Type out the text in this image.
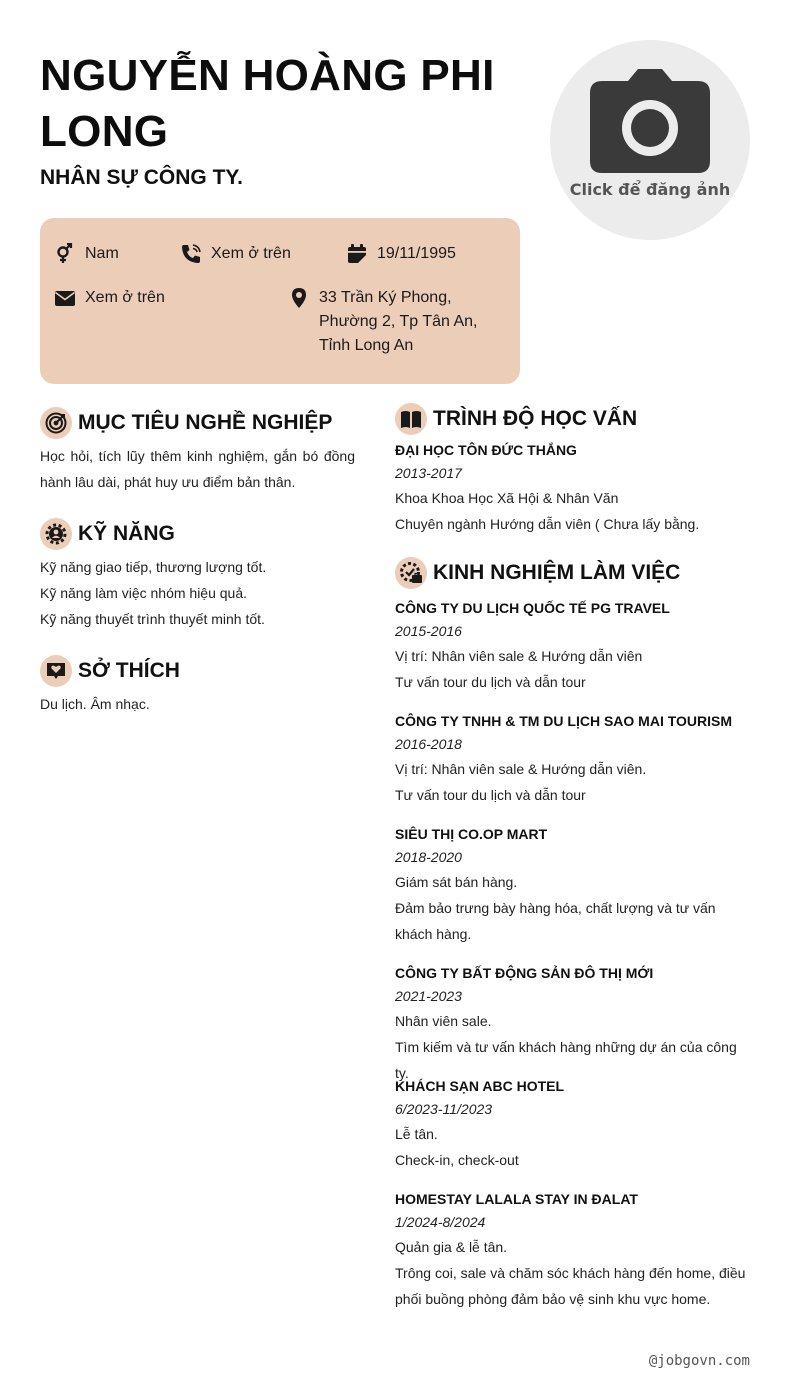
NGUYỄN HOÀNG PHI LONG
NHÂN SỰ CÔNG TY.
Click để đăng ảnh
Nam	Xem ở trên	19/11/1995
Xem ở trên	33 Trần Ký Phong, Phường 2, Tp Tân An, Tỉnh Long An
MỤC TIÊU NGHỀ NGHIỆP

Học hỏi, tích lũy thêm kinh nghiệm, gắn bó đồng hành lâu dài, phát huy ưu điểm bản thân.

KỸ NĂNG
Kỹ năng giao tiếp, thương lượng tốt.
Kỹ năng làm việc nhóm hiệu quả.
Kỹ năng thuyết trình thuyết minh tốt.
SỞ THÍCH

Du lịch. Âm nhạc.

TRÌNH ĐỘ HỌC VẤN
ĐẠI HỌC TÔN ĐỨC THẮNG
2013-2017
Khoa Khoa Học Xã Hội & Nhân Văn
Chuyên ngành Hướng dẫn viên ( Chưa lấy bằng.
KINH NGHIỆM LÀM VIỆC
CÔNG TY DU LỊCH QUỐC TẾ PG TRAVEL
2015-2016
Vị trí: Nhân viên sale & Hướng dẫn viên
Tư vấn tour du lịch và dẫn tour
CÔNG TY TNHH & TM DU LỊCH SAO MAI TOURISM
2016-2018
Vị trí: Nhân viên sale & Hướng dẫn viên.
Tư vấn tour du lịch và dẫn tour
SIÊU THỊ CO.OP MART
2018-2020
Giám sát bán hàng.
Đảm bảo trưng bày hàng hóa, chất lượng và tư vấn khách hàng.
CÔNG TY BẤT ĐỘNG SẢN ĐÔ THỊ MỚI
2021-2023
Nhân viên sale.
Tìm kiếm và tư vấn khách hàng những dự án của công ty.
KHÁCH SẠN ABC HOTEL
6/2023-11/2023
Lễ tân.
Check-in, check-out
HOMESTAY LALALA STAY IN ĐALAT
1/2024-8/2024
Quản gia & lễ tân.
Trông coi, sale và chăm sóc khách hàng đến home, điều phối buồng phòng đảm bảo vệ sinh khu vực home.
@jobgovn.com
